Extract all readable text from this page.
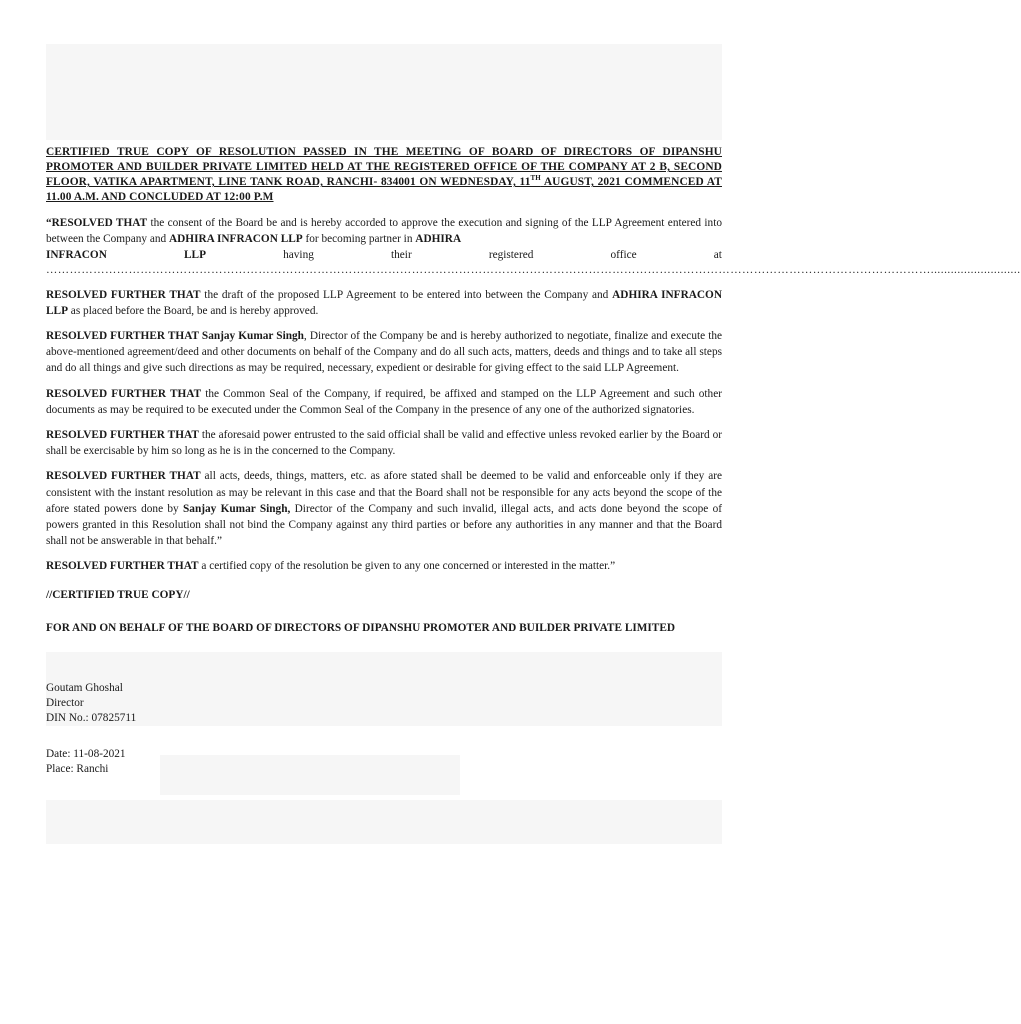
CERTIFIED TRUE COPY OF RESOLUTION PASSED IN THE MEETING OF BOARD OF DIRECTORS OF DIPANSHU PROMOTER AND BUILDER PRIVATE LIMITED HELD AT THE REGISTERED OFFICE OF THE COMPANY AT 2 B, SECOND FLOOR, VATIKA APARTMENT, LINE TANK ROAD, RANCHI- 834001 ON WEDNESDAY, 11TH AUGUST, 2021 COMMENCED AT 11.00 A.M. AND CONCLUDED AT 12:00 P.M

“RESOLVED THAT the consent of the Board be and is hereby accorded to approve the execution and signing of the LLP Agreement entered into between the Company and ADHIRA INFRACON LLP for becoming partner in ADHIRA

INFRACON	LLP	having	their	registered	office	at
………………………………………………………………………………………………………………………………………………………………………………………………………...........................

RESOLVED FURTHER THAT the draft of the proposed LLP Agreement to be entered into between the Company and ADHIRA INFRACON LLP as placed before the Board, be and is hereby approved.

RESOLVED FURTHER THAT Sanjay Kumar Singh, Director of the Company be and is hereby authorized to negotiate, finalize and execute the above-mentioned agreement/deed and other documents on behalf of the Company and do all such acts, matters, deeds and things and to take all steps and do all things and give such directions as may be required, necessary, expedient or desirable for giving effect to the said LLP Agreement.

RESOLVED FURTHER THAT the Common Seal of the Company, if required, be affixed and stamped on the LLP Agreement and such other documents as may be required to be executed under the Common Seal of the Company in the presence of any one of the authorized signatories.

RESOLVED FURTHER THAT the aforesaid power entrusted to the said official shall be valid and effective unless revoked earlier by the Board or shall be exercisable by him so long as he is in the concerned to the Company.

RESOLVED FURTHER THAT all acts, deeds, things, matters, etc. as afore stated shall be deemed to be valid and enforceable only if they are consistent with the instant resolution as may be relevant in this case and that the Board shall not be responsible for any acts beyond the scope of the afore stated powers done by Sanjay Kumar Singh, Director of the Company and such invalid, illegal acts, and acts done beyond the scope of powers granted in this Resolution shall not bind the Company against any third parties or before any authorities in any manner and that the Board shall not be answerable in that behalf.”

RESOLVED FURTHER THAT a certified copy of the resolution be given to any one concerned or interested in the matter.”

//CERTIFIED TRUE COPY//

FOR AND ON BEHALF OF THE BOARD OF DIRECTORS OF DIPANSHU PROMOTER AND BUILDER PRIVATE LIMITED

Goutam Ghoshal
Director
DIN No.: 07825711
Date: 11-08-2021
Place: Ranchi
